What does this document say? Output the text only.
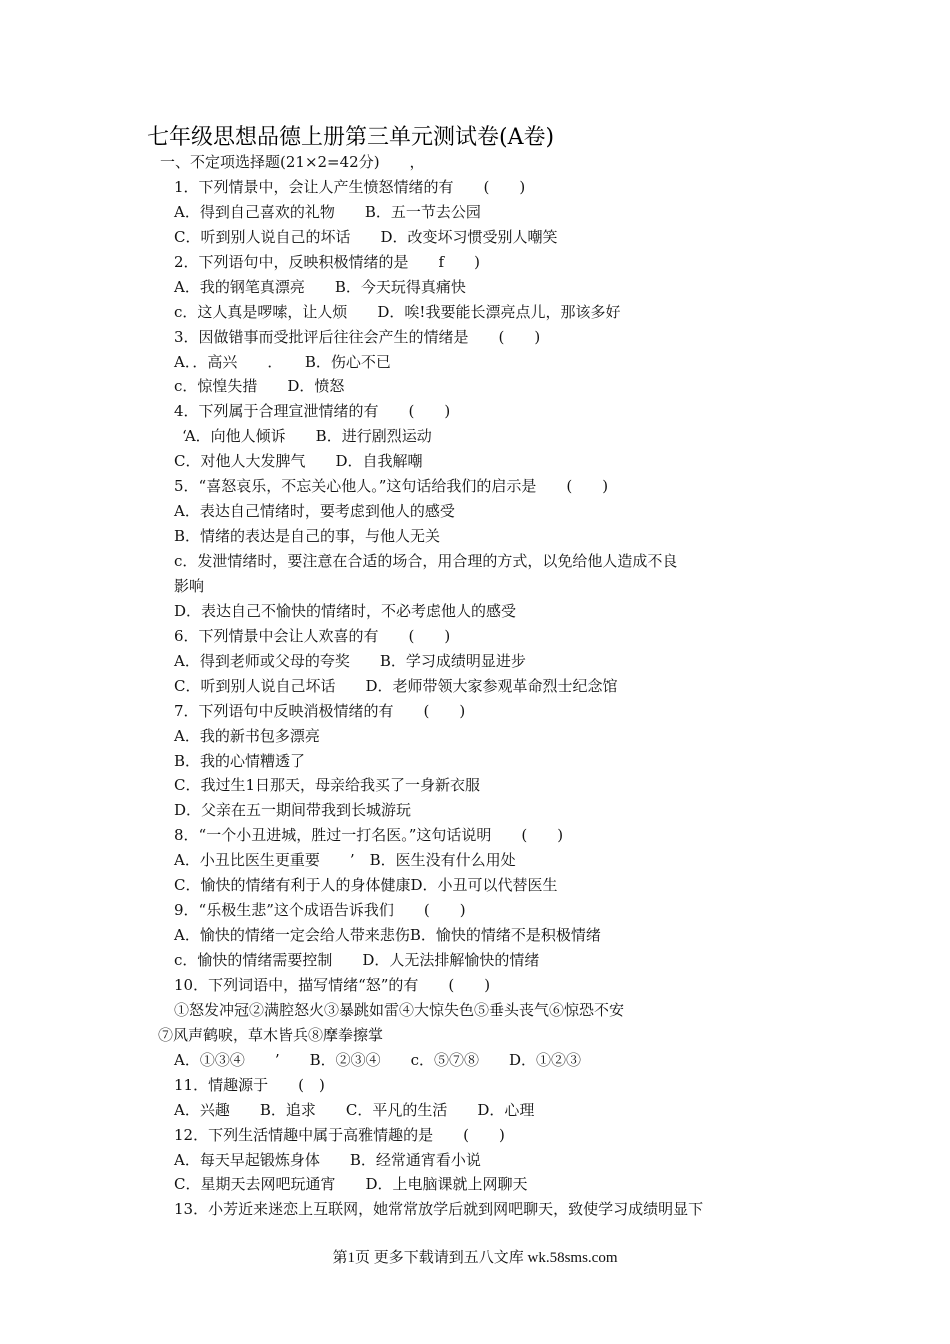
七年级思想品德上册第三单元测试卷(A卷)
一、不定项选择题(21×2=42分)　　，
1．下列情景中，会让人产生愤怒情绪的有　　(　　)
A．得到自己喜欢的礼物　　B．五一节去公园
C．听到别人说自己的坏话　　D．改变坏习惯受别人嘲笑
2．下列语句中，反映积极情绪的是　　f　　)
A．我的钢笔真漂亮　　B．今天玩得真痛快
c．这人真是啰嗦，让人烦　　D．唉!我要能长漂亮点儿，那该多好
3．因做错事而受批评后往往会产生的情绪是　　(　　)
A．．高兴　　．　　B．伤心不已
c．惊惶失措　　D．愤怒
4．下列属于合理宣泄情绪的有　　(　　)
‘A．向他人倾诉　　B．进行剧烈运动
C．对他人大发脾气　　D．自我解嘲
5．“喜怒哀乐，不忘关心他人。”这句话给我们的启示是　　(　　)
A．表达自己情绪时，要考虑到他人的感受
B．情绪的表达是自己的事，与他人无关
c．发泄情绪时，要注意在合适的场合，用合理的方式，以免给他人造成不良
影响
D．表达自己不愉快的情绪时，不必考虑他人的感受
6．下列情景中会让人欢喜的有　　(　　)
A．得到老师或父母的夸奖　　B．学习成绩明显进步
C．听到别人说自己坏话　　D．老师带领大家参观革命烈士纪念馆
7．下列语句中反映消极情绪的有　　(　　)
A．我的新书包多漂亮
B．我的心情糟透了
C．我过生1日那天，母亲给我买了一身新衣服
D．父亲在五一期间带我到长城游玩
8．“一个小丑进城，胜过一打名医。”这句话说明　　(　　)
A．小丑比医生更重要　　’　B．医生没有什么用处
C．愉快的情绪有利于人的身体健康D．小丑可以代替医生
9．“乐极生悲”这个成语告诉我们　　(　　)
A．愉快的情绪一定会给人带来悲伤B．愉快的情绪不是积极情绪
c．愉快的情绪需要控制　　D．人无法排解愉快的情绪
10．下列词语中，描写情绪“怒”的有　　(　　)
①怒发冲冠②满腔怒火③暴跳如雷④大惊失色⑤垂头丧气⑥惊恐不安
⑦风声鹤唳，草木皆兵⑧摩拳擦掌
A．①③④　　’　　B．②③④　　c．⑤⑦⑧　　D．①②③
11．情趣源于　　(　)
A．兴趣　　B．追求　　C．平凡的生活　　D．心理
12．下列生活情趣中属于高雅情趣的是　　(　　)
A．每天早起锻炼身体　　B．经常通宵看小说
C．星期天去网吧玩通宵　　D．上电脑课就上网聊天
13．小芳近来迷恋上互联网，她常常放学后就到网吧聊天，致使学习成绩明显下
第1页 更多下载请到五八文库 wk.58sms.com
